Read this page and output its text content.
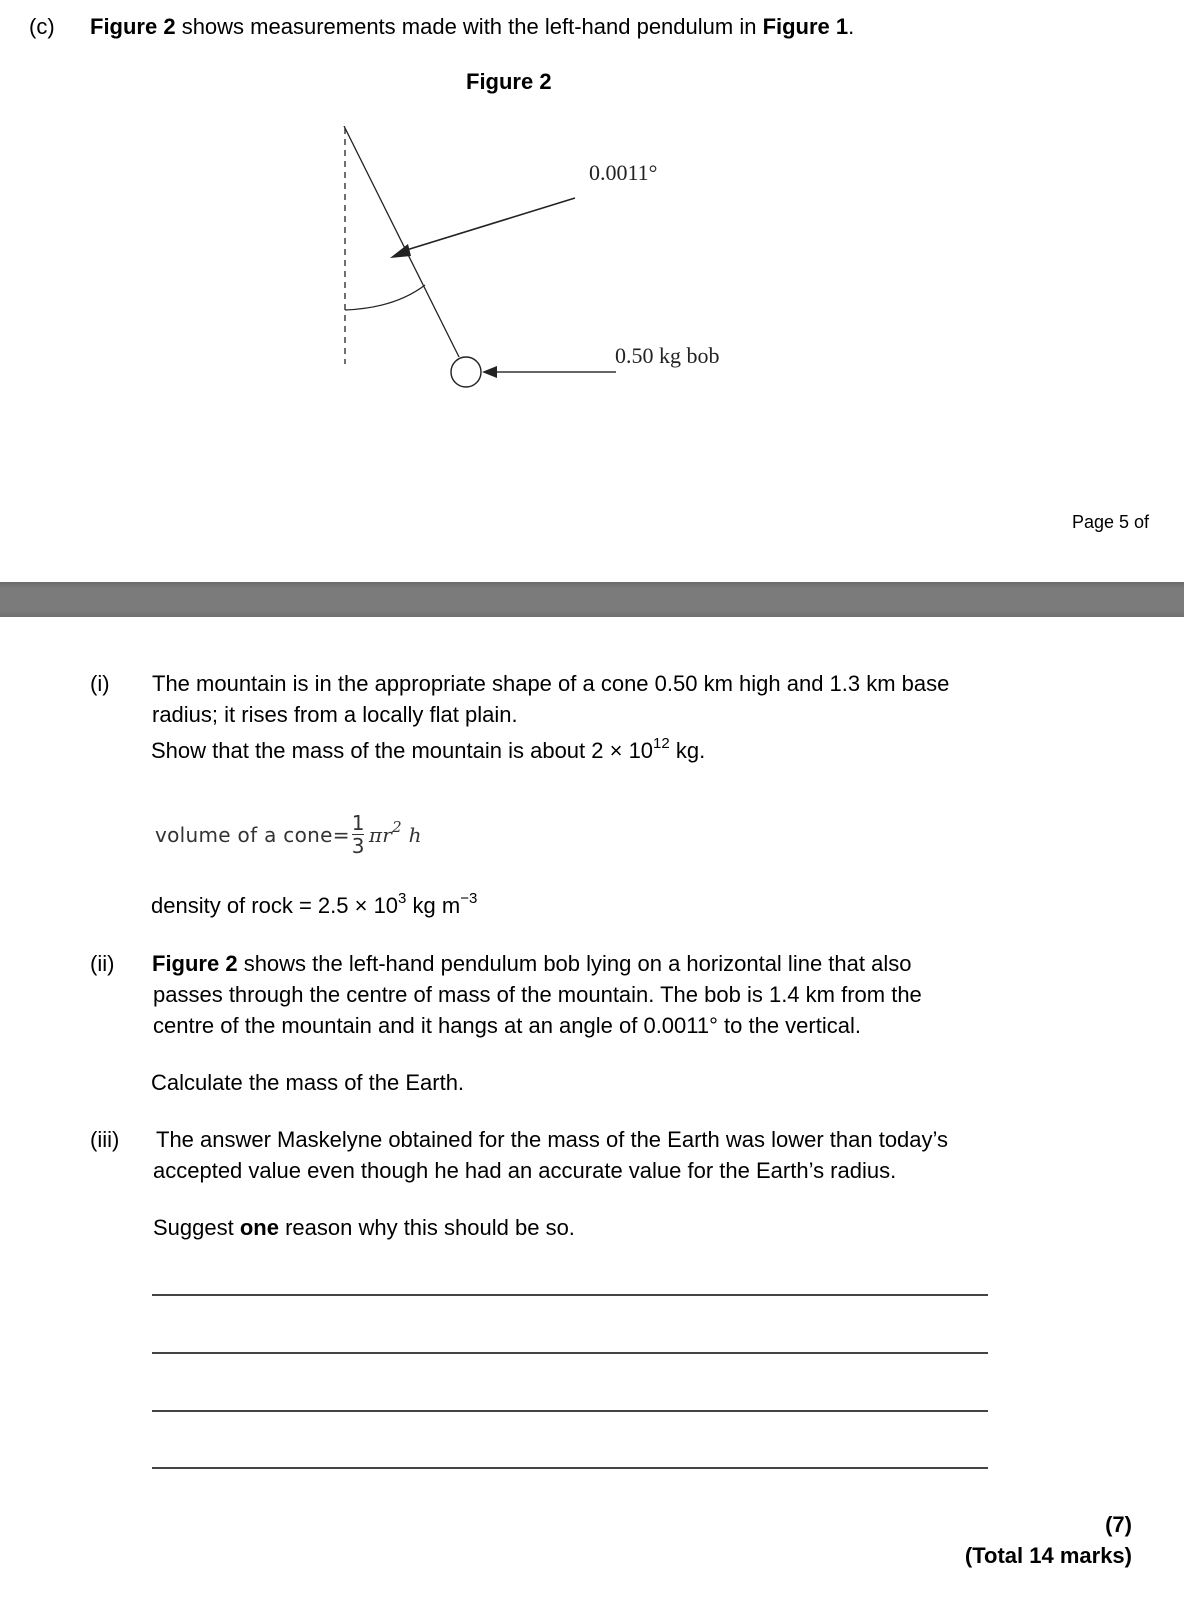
(c) Figure 2 shows measurements made with the left-hand pendulum in Figure 1.
Figure 2
0.0011°
0.50 kg bob
Page 5 of
(i) The mountain is in the appropriate shape of a cone 0.50 km high and 1.3 km base
radius; it rises from a locally flat plain.
Show that the mass of the mountain is about $2 \times 10^{12}$ kg.
volume of a cone= $\frac{1}{3} \pi r^2$ h
density of rock = $2.5 \times 10^3$ kg $m^{-3}$
(ii) Figure 2 shows the left-hand pendulum bob lying on a horizontal line that also
passes through the centre of mass of the mountain. The bob is 1.4 km from the
centre of the mountain and it hangs at an angle of 0.0011° to the vertical.
Calculate the mass of the Earth.
(iii) The answer Maskelyne obtained for the mass of the Earth was lower than today’s
accepted value even though he had an accurate value for the Earth’s radius.
Suggest one reason why this should be so.
(7)
(Total 14 marks)
